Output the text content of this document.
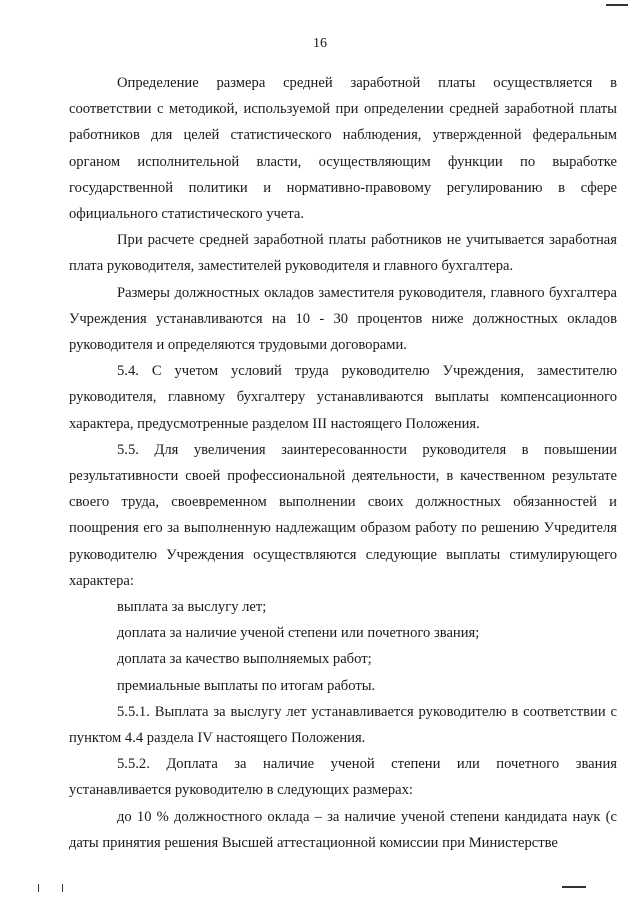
16

Определение размера средней заработной платы осуществляется в соответствии с методикой, используемой при определении средней заработной платы работников для целей статистического наблюдения, утвержденной федеральным органом исполнительной власти, осуществляющим функции по выработке государственной политики и нормативно-правовому регулированию в сфере официального статистического учета.

При расчете средней заработной платы работников не учитывается заработная плата руководителя, заместителей руководителя и главного бухгалтера.

Размеры должностных окладов заместителя руководителя, главного бухгалтера Учреждения устанавливаются на 10 - 30 процентов ниже должностных окладов руководителя и определяются трудовыми договорами.

5.4. С учетом условий труда руководителю Учреждения, заместителю руководителя, главному бухгалтеру устанавливаются выплаты компенсационного характера, предусмотренные разделом III настоящего Положения.

5.5. Для увеличения заинтересованности руководителя в повышении результативности своей профессиональной деятельности, в качественном результате своего труда, своевременном выполнении своих должностных обязанностей и поощрения его за выполненную надлежащим образом работу по решению Учредителя руководителю Учреждения осуществляются следующие выплаты стимулирующего характера:

выплата за выслугу лет;

доплата за наличие ученой степени или почетного звания;

доплата за качество выполняемых работ;

премиальные выплаты по итогам работы.

5.5.1. Выплата за выслугу лет устанавливается руководителю в соответствии с пунктом 4.4 раздела IV настоящего Положения.

5.5.2. Доплата за наличие ученой степени или почетного звания устанавливается руководителю в следующих размерах:

до 10 % должностного оклада – за наличие ученой степени кандидата наук (с даты принятия решения Высшей аттестационной комиссии при Министерстве
